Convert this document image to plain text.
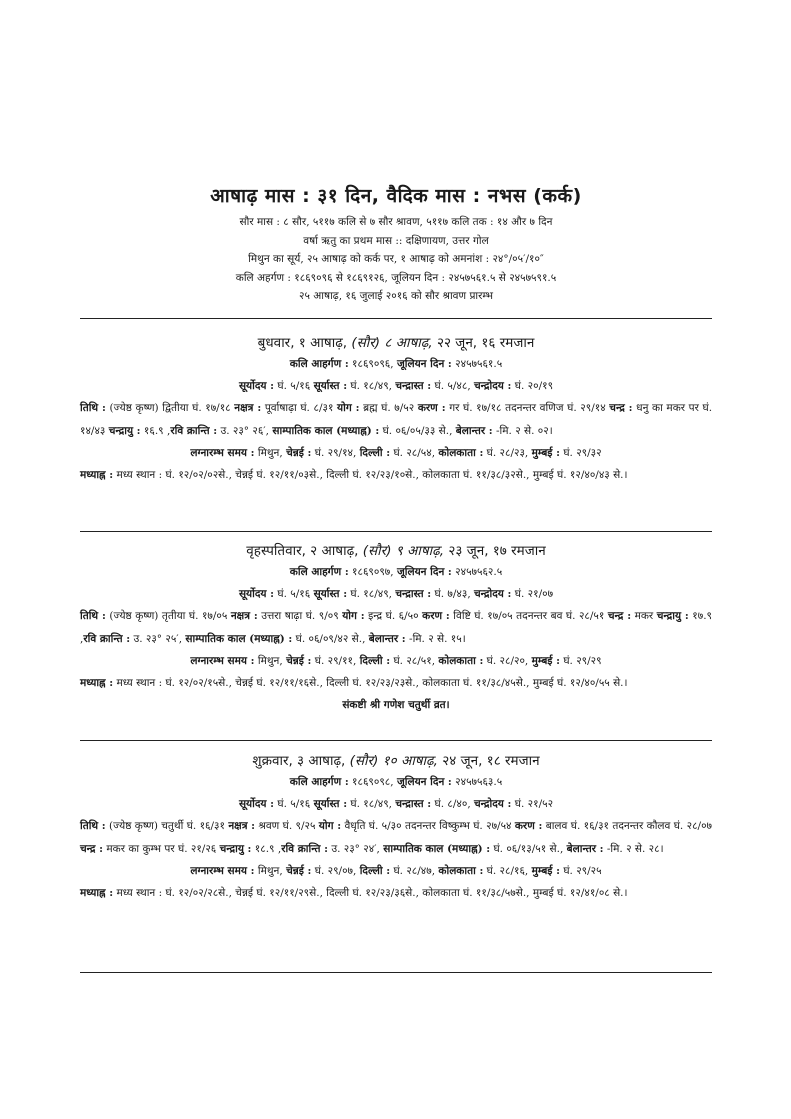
आषाढ़ मास : ३१ दिन, वैदिक मास : नभस (कर्क)
सौर मास : ८ सौर, ५११७ कलि से ७ सौर श्रावण, ५११७ कलि तक : १४ और ७ दिन
वर्षा ऋतु का प्रथम मास :: दक्षिणायण, उत्तर गोल
मिथुन का सूर्य, २५ आषाढ़ को कर्क पर, १ आषाढ़ को अमनांश : २४°/०५′/१०″
कलि अहर्गण : १८६९०९६ से १८६९१२६, जूलियन दिन : २४५७५६१.५ से २४५७५९१.५
२५ आषाढ़, १६ जुलाई २०१६ को सौर श्रावण प्रारम्भ
बुधवार, १ आषाढ़, (सौर) ८ आषाढ़, २२ जून, १६ रमजान
कलि आहर्गण : १८६९०९६, जूलियन दिन : २४५७५६१.५
सूर्योदय : घं. ५/१६ सूर्यास्त : घं. १८/४९, चन्द्रास्त : घं. ५/४८, चन्द्रोदय : घं. २०/१९
तिथि : (ज्येष्ठ कृष्ण) द्वितीया घं. १७/१८ नक्षत्र : पूर्वाषाढ़ा घं. ८/३१ योग : ब्रह्म घं. ७/५२ करण : गर घं. १७/१८ तदनन्तर वणिज घं. २९/१४ चन्द्र : धनु का मकर पर घं. १४/४३ चन्द्रायु : १६.९ ,रवि क्रान्ति : उ. २३° २६′, साम्पातिक काल (मध्याह्न) : घं. ०६/०५/३३ से., बेलान्तर : -मि. २ से. ०२।
लग्नारम्भ समय : मिथुन, चेन्नई : घं. २९/१४, दिल्ली : घं. २८/५४, कोलकाता : घं. २८/२३, मुम्बई : घं. २९/३२
मध्याह्न : मध्य स्थान : घं. १२/०२/०२से., चेन्नई घं. १२/११/०३से., दिल्ली घं. १२/२३/१०से., कोलकाता घं. ११/३८/३२से., मुम्बई घं. १२/४०/४३ से.।
वृहस्पतिवार, २ आषाढ़, (सौर) ९ आषाढ़, २३ जून, १७ रमजान
कलि आहर्गण : १८६९०९७, जूलियन दिन : २४५७५६२.५
सूर्योदय : घं. ५/१६ सूर्यास्त : घं. १८/४९, चन्द्रास्त : घं. ७/४३, चन्द्रोदय : घं. २१/०७
तिथि : (ज्येष्ठ कृष्ण) तृतीया घं. १७/०५ नक्षत्र : उत्तरा षाढ़ा घं. ९/०९ योग : इन्द्र घं. ६/५० करण : विष्टि घं. १७/०५ तदनन्तर बव घं. २८/५१ चन्द्र : मकर चन्द्रायु : १७.९ ,रवि क्रान्ति : उ. २३° २५′, साम्पातिक काल (मध्याह्न) : घं. ०६/०९/४२ से., बेलान्तर : -मि. २ से. १५।
लग्नारम्भ समय : मिथुन, चेन्नई : घं. २९/११, दिल्ली : घं. २८/५१, कोलकाता : घं. २८/२०, मुम्बई : घं. २९/२९
मध्याह्न : मध्य स्थान : घं. १२/०२/१५से., चेन्नई घं. १२/११/१६से., दिल्ली घं. १२/२३/२३से., कोलकाता घं. ११/३८/४५से., मुम्बई घं. १२/४०/५५ से.।
संकष्टी श्री गणेश चतुर्थी व्रत।
शुक्रवार, ३ आषाढ़, (सौर) १० आषाढ़, २४ जून, १८ रमजान
कलि आहर्गण : १८६९०९८, जूलियन दिन : २४५७५६३.५
सूर्योदय : घं. ५/१६ सूर्यास्त : घं. १८/४९, चन्द्रास्त : घं. ८/४०, चन्द्रोदय : घं. २१/५२
तिथि : (ज्येष्ठ कृष्ण) चतुर्थी घं. १६/३१ नक्षत्र : श्रवण घं. ९/२५ योग : वैधृति घं. ५/३० तदनन्तर विष्कुम्भ घं. २७/५४ करण : बालव घं. १६/३१ तदनन्तर कौलव घं. २८/०७ चन्द्र : मकर का कुम्भ पर घं. २१/२६ चन्द्रायु : १८.९ ,रवि क्रान्ति : उ. २३° २४′, साम्पातिक काल (मध्याह्न) : घं. ०६/१३/५१ से., बेलान्तर : -मि. २ से. २८।
लग्नारम्भ समय : मिथुन, चेन्नई : घं. २९/०७, दिल्ली : घं. २८/४७, कोलकाता : घं. २८/१६, मुम्बई : घं. २९/२५
मध्याह्न : मध्य स्थान : घं. १२/०२/२८से., चेन्नई घं. १२/११/२९से., दिल्ली घं. १२/२३/३६से., कोलकाता घं. ११/३८/५७से., मुम्बई घं. १२/४१/०८ से.।
